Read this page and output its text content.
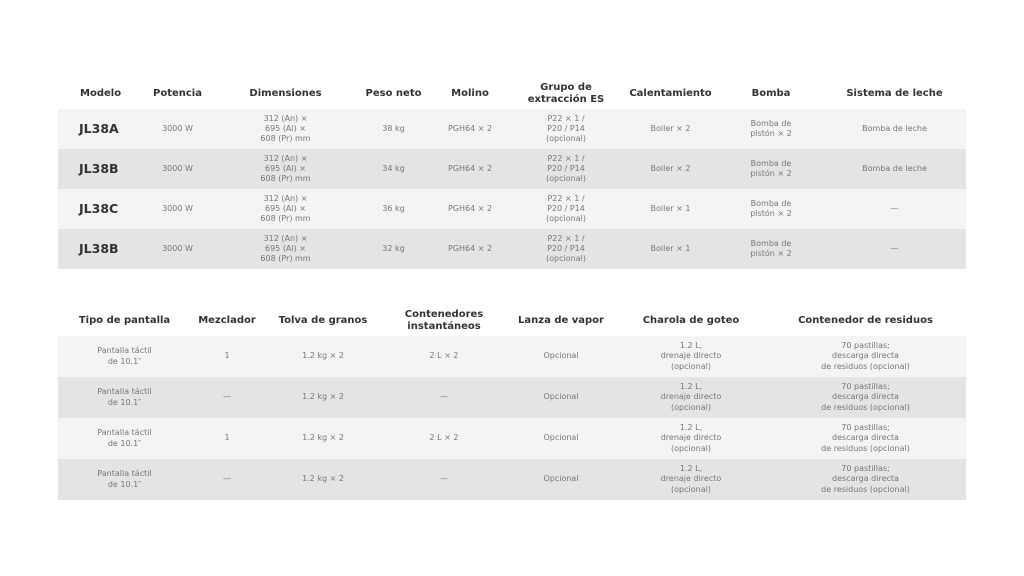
Modelo	Potencia	Dimensiones	Peso neto	Molino	Grupo de
extracción ES	Calentamiento	Bomba	Sistema de leche
JL38A	3000 W	312 (An) ×
695 (Al) ×
608 (Pr) mm	38 kg	PGH64 × 2	P22 × 1 /
P20 / P14
(opcional)	Boiler × 2	Bomba de
pistón × 2	Bomba de leche
JL38B	3000 W	312 (An) ×
695 (Al) ×
608 (Pr) mm	34 kg	PGH64 × 2	P22 × 1 /
P20 / P14
(opcional)	Boiler × 2	Bomba de
pistón × 2	Bomba de leche
JL38C	3000 W	312 (An) ×
695 (Al) ×
608 (Pr) mm	36 kg	PGH64 × 2	P22 × 1 /
P20 / P14
(opcional)	Boiler × 1	Bomba de
pistón × 2	—
JL38B	3000 W	312 (An) ×
695 (Al) ×
608 (Pr) mm	32 kg	PGH64 × 2	P22 × 1 /
P20 / P14
(opcional)	Boiler × 1	Bomba de
pistón × 2	—
Tipo de pantalla	Mezclador	Tolva de granos	Contenedores
instantáneos	Lanza de vapor	Charola de goteo	Contenedor de residuos
Pantalla táctil
de 10.1″	1	1.2 kg × 2	2 L × 2	Opcional	1.2 L,
drenaje directo
(opcional)	70 pastillas;
descarga directa
de residuos (opcional)
Pantalla táctil
de 10.1″	—	1.2 kg × 2	—	Opcional	1.2 L,
drenaje directo
(opcional)	70 pastillas;
descarga directa
de residuos (opcional)
Pantalla táctil
de 10.1″	1	1.2 kg × 2	2 L × 2	Opcional	1.2 L,
drenaje directo
(opcional)	70 pastillas;
descarga directa
de residuos (opcional)
Pantalla táctil
de 10.1″	—	1.2 kg × 2	—	Opcional	1.2 L,
drenaje directo
(opcional)	70 pastillas;
descarga directa
de residuos (opcional)
